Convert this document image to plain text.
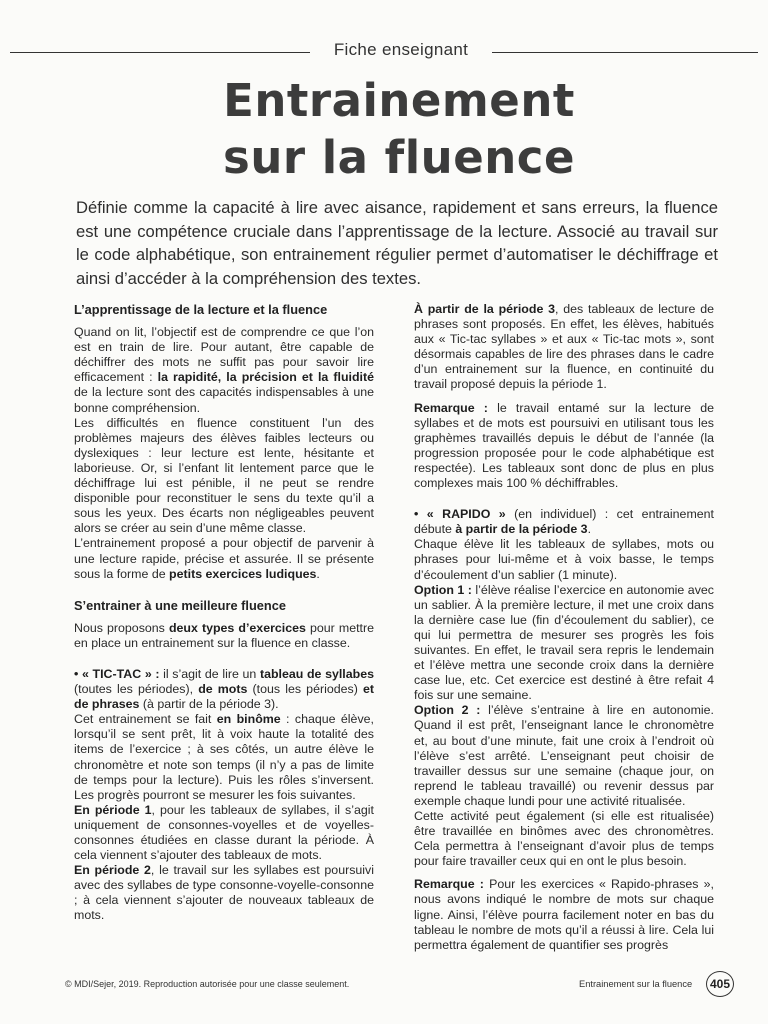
Fiche enseignant
Entrainement
sur la fluence
Définie comme la capacité à lire avec aisance, rapidement et sans erreurs, la fluence est une compétence cruciale dans l’apprentissage de la lecture. Associé au travail sur le code alphabétique, son entrainement régulier permet d’automatiser le déchiffrage et ainsi d’accéder à la compréhension des textes.
L’apprentissage de la lecture et la fluence

Quand on lit, l’objectif est de comprendre ce que l’on est en train de lire. Pour autant, être capable de déchiffrer des mots ne suffit pas pour savoir lire efficacement : la rapidité, la précision et la fluidité de la lecture sont des capacités indispensables à une bonne compréhension.

Les difficultés en fluence constituent l’un des problèmes majeurs des élèves faibles lecteurs ou dyslexiques : leur lecture est lente, hésitante et laborieuse. Or, si l’enfant lit lentement parce que le déchiffrage lui est pénible, il ne peut se rendre disponible pour reconstituer le sens du texte qu’il a sous les yeux. Des écarts non négligeables peuvent alors se créer au sein d’une même classe.

L’entrainement proposé a pour objectif de parvenir à une lecture rapide, précise et assurée. Il se présente sous la forme de petits exercices ludiques.

S’entrainer à une meilleure fluence

Nous proposons deux types d’exercices pour mettre en place un entrainement sur la fluence en classe.

• « TIC-TAC » : il s’agit de lire un tableau de syllabes (toutes les périodes), de mots (tous les périodes) et de phrases (à partir de la période 3).

Cet entrainement se fait en binôme : chaque élève, lorsqu’il se sent prêt, lit à voix haute la totalité des items de l’exercice ; à ses côtés, un autre élève le chronomètre et note son temps (il n’y a pas de limite de temps pour la lecture). Puis les rôles s’inversent. Les progrès pourront se mesurer les fois suivantes.

En période 1, pour les tableaux de syllabes, il s’agit uniquement de consonnes-voyelles et de voyelles-consonnes étudiées en classe durant la période. À cela viennent s’ajouter des tableaux de mots.

En période 2, le travail sur les syllabes est poursuivi avec des syllabes de type consonne-voyelle-consonne ; à cela viennent s’ajouter de nouveaux tableaux de mots.

À partir de la période 3, des tableaux de lecture de phrases sont proposés. En effet, les élèves, habitués aux « Tic-tac syllabes » et aux « Tic-tac mots », sont désormais capables de lire des phrases dans le cadre d’un entrainement sur la fluence, en continuité du travail proposé depuis la période 1.

Remarque : le travail entamé sur la lecture de syllabes et de mots est poursuivi en utilisant tous les graphèmes travaillés depuis le début de l’année (la progression proposée pour le code alphabétique est respectée). Les tableaux sont donc de plus en plus complexes mais 100 % déchiffrables.

• « RAPIDO » (en individuel) : cet entrainement débute à partir de la période 3.

Chaque élève lit les tableaux de syllabes, mots ou phrases pour lui-même et à voix basse, le temps d’écoulement d’un sablier (1 minute).

Option 1 : l’élève réalise l’exercice en autonomie avec un sablier. À la première lecture, il met une croix dans la dernière case lue (fin d’écoulement du sablier), ce qui lui permettra de mesurer ses progrès les fois suivantes. En effet, le travail sera repris le lendemain et l’élève mettra une seconde croix dans la dernière case lue, etc. Cet exercice est destiné à être refait 4 fois sur une semaine.

Option 2 : l’élève s’entraine à lire en autonomie. Quand il est prêt, l’enseignant lance le chronomètre et, au bout d’une minute, fait une croix à l’endroit où l’élève s’est arrêté. L’enseignant peut choisir de travailler dessus sur une semaine (chaque jour, on reprend le tableau travaillé) ou revenir dessus par exemple chaque lundi pour une activité ritualisée.

Cette activité peut également (si elle est ritualisée) être travaillée en binômes avec des chronomètres. Cela permettra à l’enseignant d’avoir plus de temps pour faire travailler ceux qui en ont le plus besoin.

Remarque : Pour les exercices « Rapido-phrases », nous avons indiqué le nombre de mots sur chaque ligne. Ainsi, l’élève pourra facilement noter en bas du tableau le nombre de mots qu’il a réussi à lire. Cela lui permettra également de quantifier ses progrès

© MDI/Sejer, 2019. Reproduction autorisée pour une classe seulement.	Entrainement sur la fluence	405
